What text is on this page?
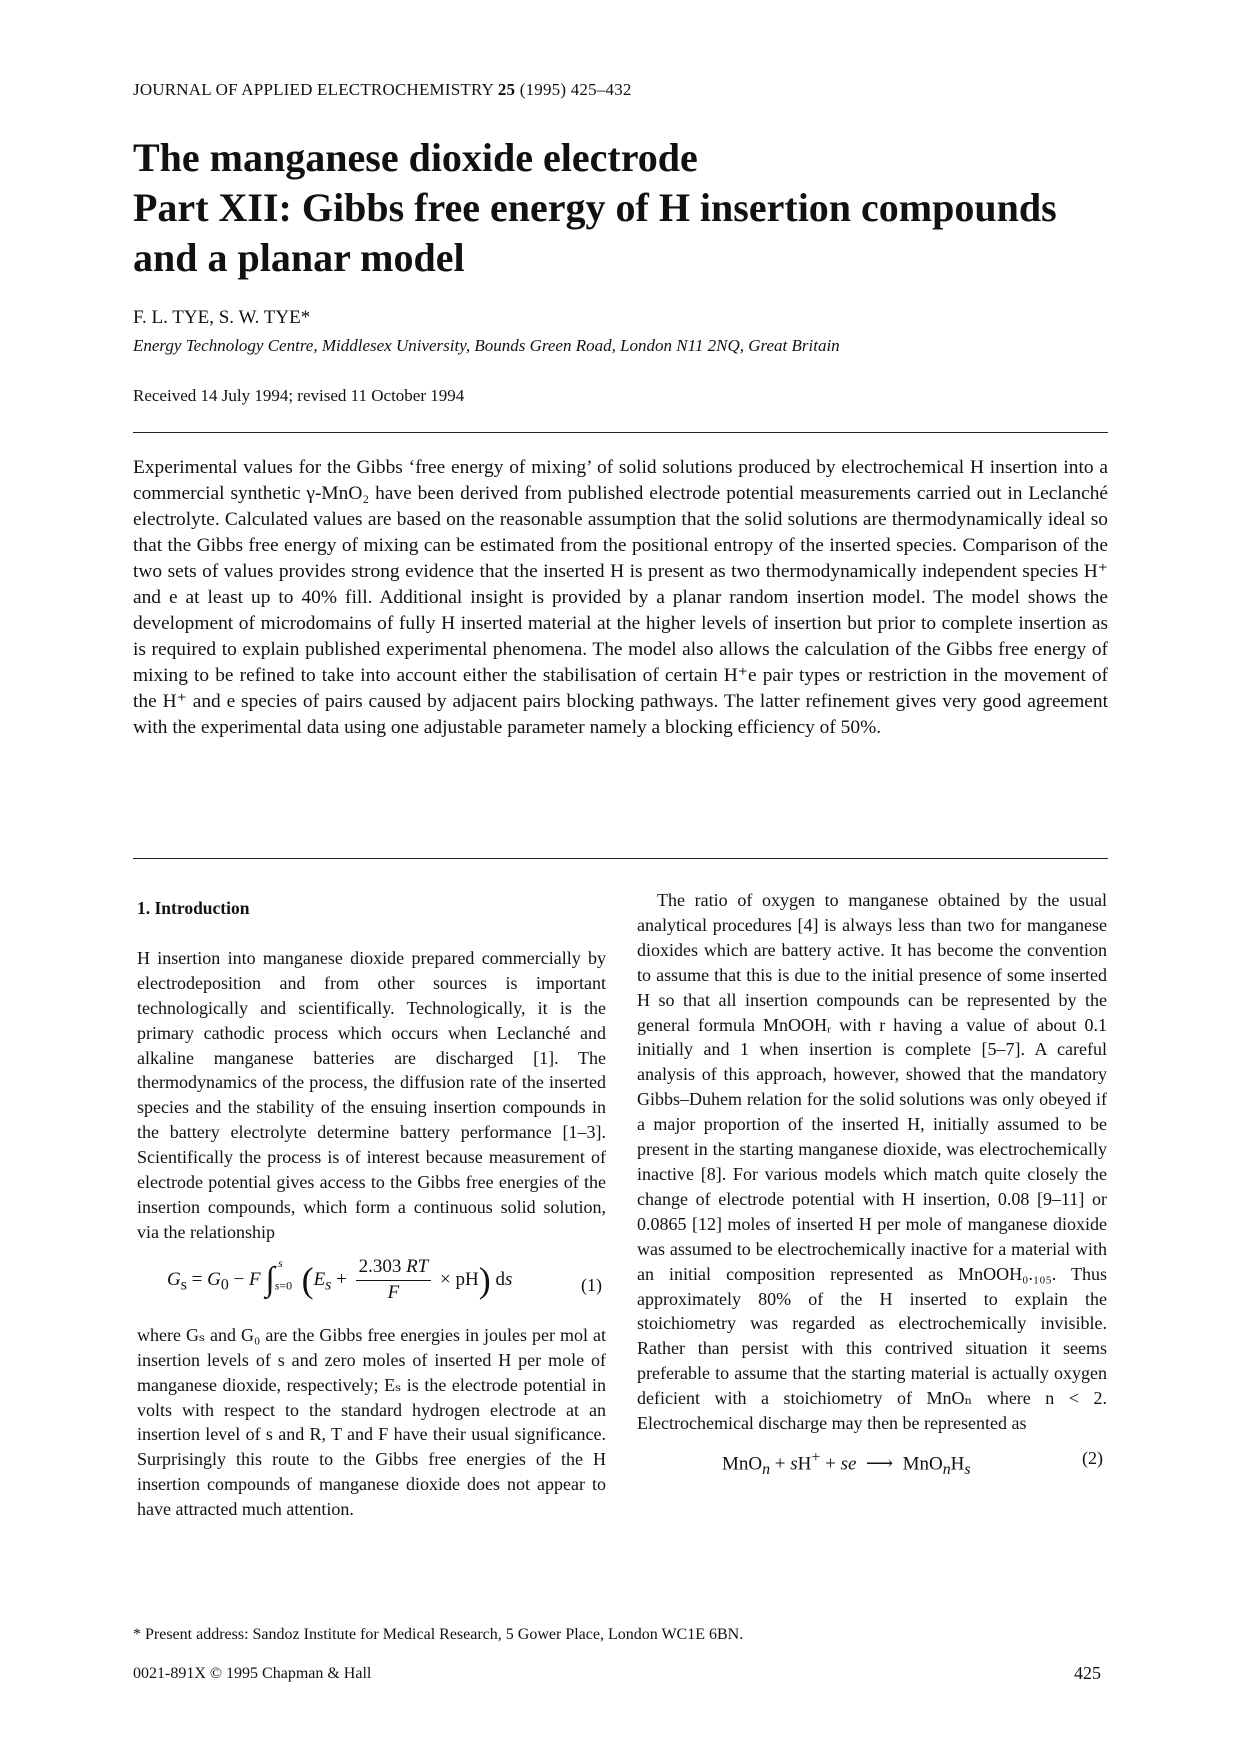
JOURNAL OF APPLIED ELECTROCHEMISTRY 25 (1995) 425–432
The manganese dioxide electrode
Part XII: Gibbs free energy of H insertion compounds
and a planar model
F. L. TYE, S. W. TYE*
Energy Technology Centre, Middlesex University, Bounds Green Road, London N11 2NQ, Great Britain
Received 14 July 1994; revised 11 October 1994
Experimental values for the Gibbs ‘free energy of mixing’ of solid solutions produced by electrochemical H insertion into a commercial synthetic γ-MnO₂ have been derived from published electrode potential measurements carried out in Leclanché electrolyte. Calculated values are based on the reasonable assumption that the solid solutions are thermodynamically ideal so that the Gibbs free energy of mixing can be estimated from the positional entropy of the inserted species. Comparison of the two sets of values provides strong evidence that the inserted H is present as two thermodynamically independent species H⁺ and e at least up to 40% fill. Additional insight is provided by a planar random insertion model. The model shows the development of microdomains of fully H inserted material at the higher levels of insertion but prior to complete insertion as is required to explain published experimental phenomena. The model also allows the calculation of the Gibbs free energy of mixing to be refined to take into account either the stabilisation of certain H⁺e pair types or restriction in the movement of the H⁺ and e species of pairs caused by adjacent pairs blocking pathways. The latter refinement gives very good agreement with the experimental data using one adjustable parameter namely a blocking efficiency of 50%.
1. Introduction

H insertion into manganese dioxide prepared commercially by electrodeposition and from other sources is important technologically and scientifically. Technologically, it is the primary cathodic process which occurs when Leclanché and alkaline manganese batteries are discharged [1]. The thermodynamics of the process, the diffusion rate of the inserted species and the stability of the ensuing insertion compounds in the battery electrolyte determine battery performance [1–3]. Scientifically the process is of interest because measurement of electrode potential gives access to the Gibbs free energies of the insertion compounds, which form a continuous solid solution, via the relationship

$G_s = G_0 - F$ $\int_{s=0}^s$ $(E_s + \frac{2.303 RT}{F} \times pH)$ ds	(1)

where Gₛ and G₀ are the Gibbs free energies in joules per mol at insertion levels of s and zero moles of inserted H per mole of manganese dioxide, respectively; Eₛ is the electrode potential in volts with respect to the standard hydrogen electrode at an insertion level of s and R, T and F have their usual significance. Surprisingly this route to the Gibbs free energies of the H insertion compounds of manganese dioxide does not appear to have attracted much attention.

The ratio of oxygen to manganese obtained by the usual analytical procedures [4] is always less than two for manganese dioxides which are battery active. It has become the convention to assume that this is due to the initial presence of some inserted H so that all insertion compounds can be represented by the general formula MnOOHᵣ with r having a value of about 0.1 initially and 1 when insertion is complete [5–7]. A careful analysis of this approach, however, showed that the mandatory Gibbs–Duhem relation for the solid solutions was only obeyed if a major proportion of the inserted H, initially assumed to be present in the starting manganese dioxide, was electrochemically inactive [8]. For various models which match quite closely the change of electrode potential with H insertion, 0.08 [9–11] or 0.0865 [12] moles of inserted H per mole of manganese dioxide was assumed to be electrochemically inactive for a material with an initial composition represented as MnOOH₀.₁₀₅. Thus approximately 80% of the H inserted to explain the stoichiometry was regarded as electrochemically invisible. Rather than persist with this contrived situation it seems preferable to assume that the starting material is actually oxygen deficient with a stoichiometry of MnOₙ where n < 2. Electrochemical discharge may then be represented as

MnO$_n$ + sH+ + se  ⟶  $MnO_nH_s$
(2)
* Present address: Sandoz Institute for Medical Research, 5 Gower Place, London WC1E 6BN.
0021-891X © 1995 Chapman & Hall	425
